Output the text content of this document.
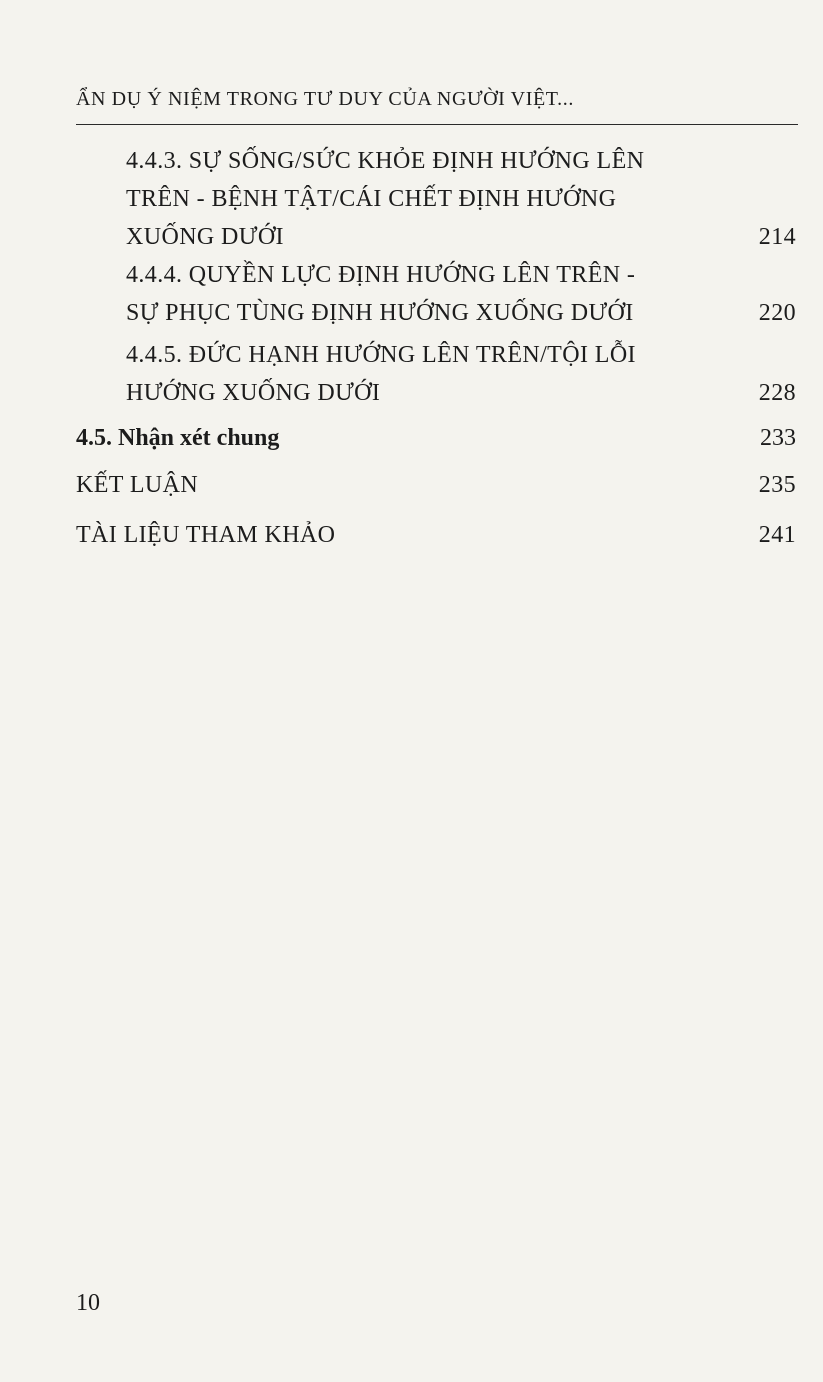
ẨN DỤ Ý NIỆM TRONG TƯ DUY CỦA NGƯỜI VIỆT...
4.4.3. SỰ SỐNG/SỨC KHỎE ĐỊNH HƯỚNG LÊN
TRÊN - BỆNH TẬT/CÁI CHẾT ĐỊNH HƯỚNG
XUỐNG DƯỚI	214
4.4.4. QUYỀN LỰC ĐỊNH HƯỚNG LÊN TRÊN -
SỰ PHỤC TÙNG ĐỊNH HƯỚNG XUỐNG DƯỚI	220
4.4.5. ĐỨC HẠNH HƯỚNG LÊN TRÊN/TỘI LỖI
HƯỚNG XUỐNG DƯỚI	228
4.5. Nhận xét chung	233
KẾT LUẬN	235
TÀI LIỆU THAM KHẢO	241
10
